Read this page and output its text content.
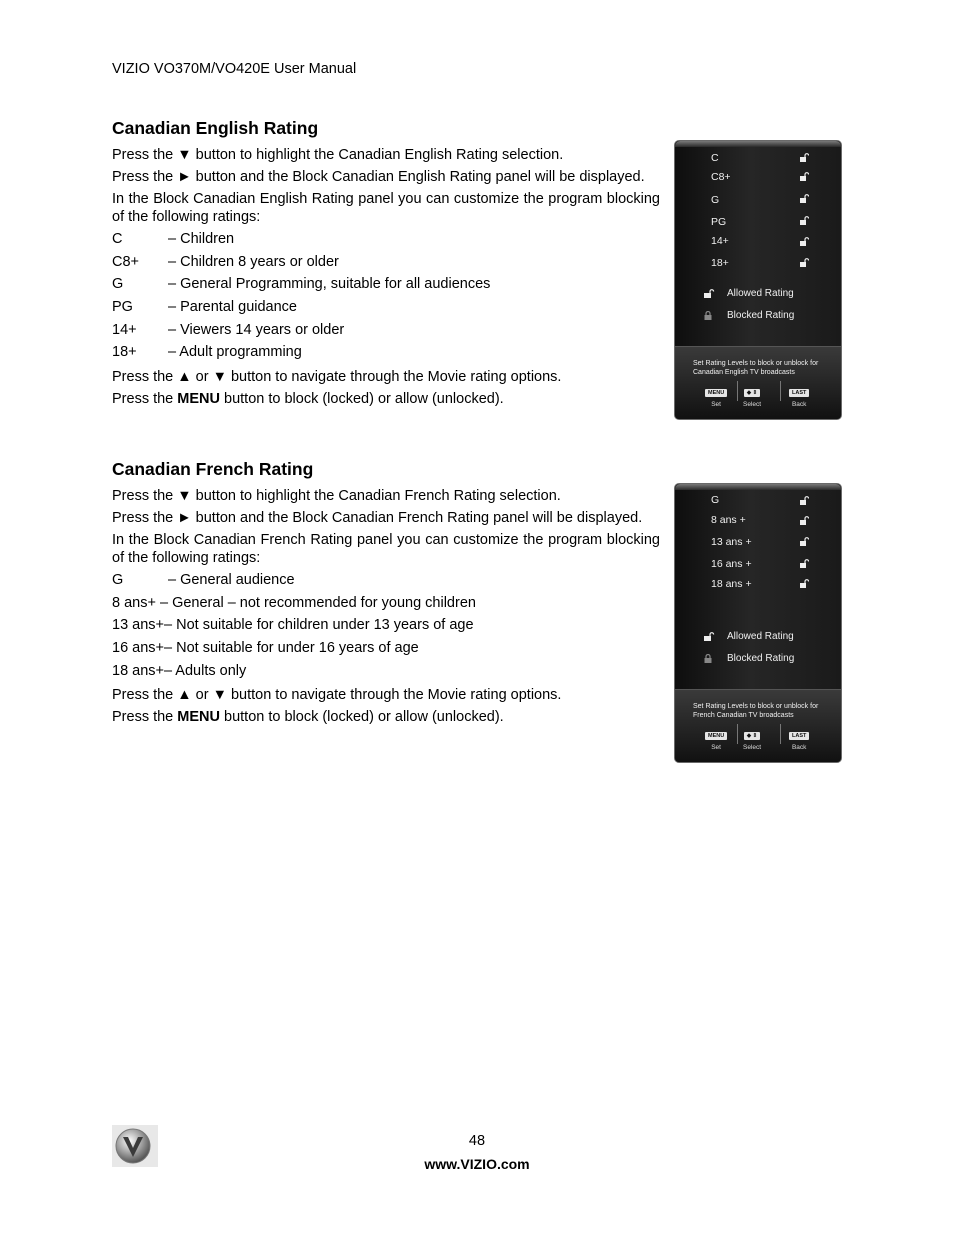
VIZIO VO370M/VO420E User Manual
Canadian English Rating

Press the ▼ button to highlight the Canadian English Rating selection.

Press the ► button and the Block Canadian English Rating panel will be displayed.

In the Block Canadian English Rating panel you can customize the program blocking of the following ratings:

C	– Children
C8+	– Children 8 years or older
G	– General Programming, suitable for all audiences
PG	– Parental guidance
14+	– Viewers 14 years or older
18+	– Adult programming

Press the ▲ or ▼ button to navigate through the Movie rating options.

Press the MENU button to block (locked) or allow (unlocked).

C
C8+
G
PG
14+
18+
Allowed Rating
Blocked Rating
Set Rating Levels to block or unblock for Canadian English TV broadcasts
MENU
Set
◆ ⇕
Select
LAST
Back
Canadian French Rating

Press the ▼ button to highlight the Canadian French Rating selection.

Press the ► button and the Block Canadian French Rating panel will be displayed.

In the Block Canadian French Rating panel you can customize the program blocking of the following ratings:

G	– General audience
8 ans+ – General – not recommended for young children
13 ans+ – Not suitable for children under 13 years of age
16 ans+ – Not suitable for under 16 years of age
18 ans+ – Adults only

Press the ▲ or ▼ button to navigate through the Movie rating options.

Press the MENU button to block (locked) or allow (unlocked).

G
8 ans +
13 ans +
16 ans +
18 ans +
Allowed Rating
Blocked Rating
Set Rating Levels to block or unblock for French Canadian TV broadcasts
MENU
Set
◆ ⇕
Select
LAST
Back
48
www.VIZIO.com
